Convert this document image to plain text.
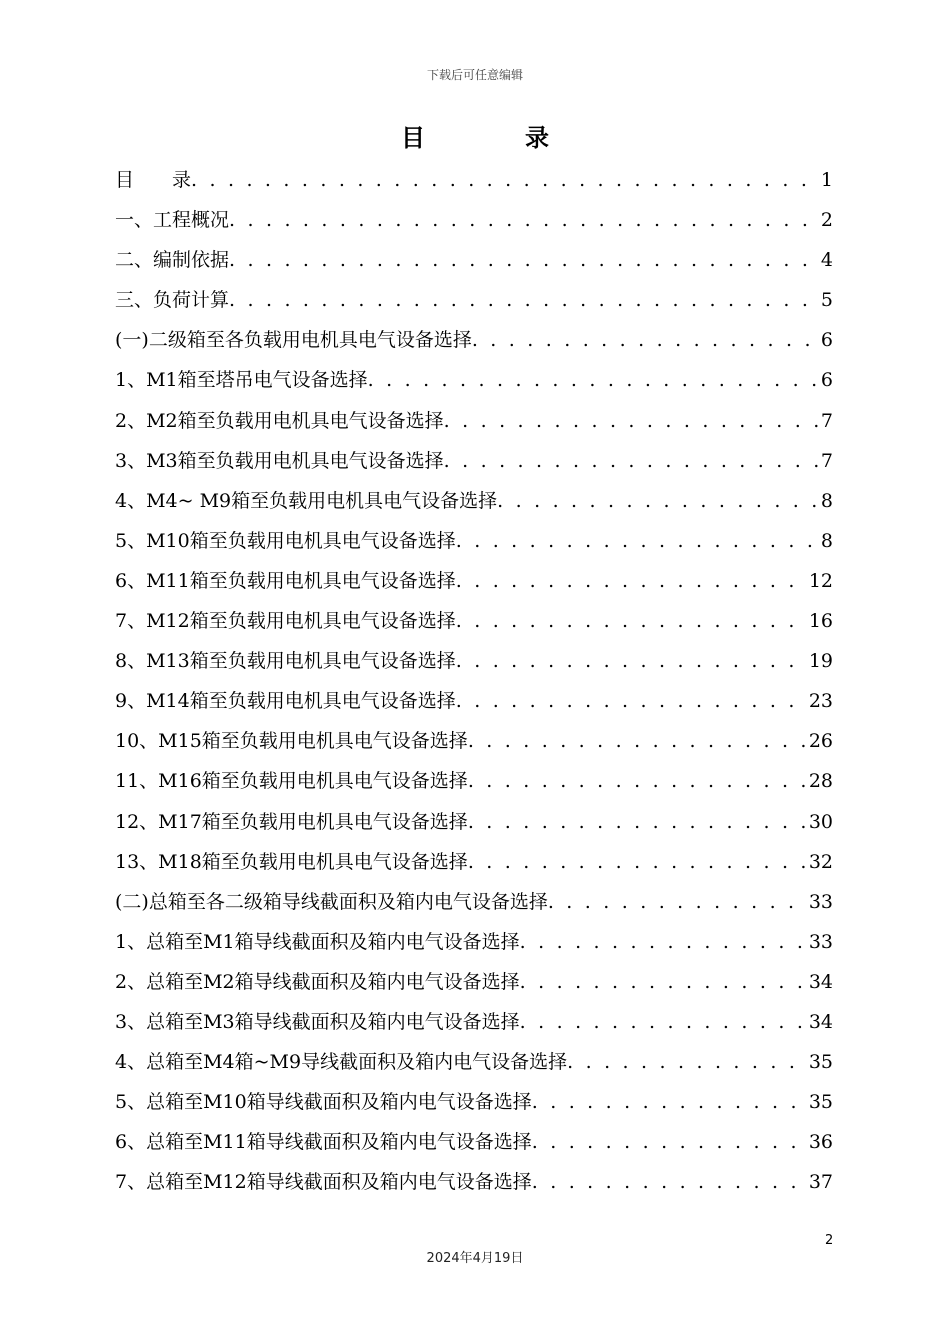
下载后可任意编辑
目　录
目　　录 . . .	1
一、工程概况 . . .	2
二、编制依据 . . .	4
三、负荷计算 . . .	5
(一)二级箱至各负载用电机具电气设备选择 . . .	6
1、M1箱至塔吊电气设备选择 . . .	6
2、M2箱至负载用电机具电气设备选择 . . .	7
3、M3箱至负载用电机具电气设备选择 . . .	7
4、M4~ M9箱至负载用电机具电气设备选择 . . .	8
5、M10箱至负载用电机具电气设备选择 . . .	8
6、M11箱至负载用电机具电气设备选择 . . .	12
7、M12箱至负载用电机具电气设备选择 . . .	16
8、M13箱至负载用电机具电气设备选择 . . .	19
9、M14箱至负载用电机具电气设备选择 . . .	23
10、M15箱至负载用电机具电气设备选择 . . .	26
11、M16箱至负载用电机具电气设备选择 . . .	28
12、M17箱至负载用电机具电气设备选择 . . .	30
13、M18箱至负载用电机具电气设备选择 . . .	32
(二)总箱至各二级箱导线截面积及箱内电气设备选择 . . .	33
1、总箱至M1箱导线截面积及箱内电气设备选择 . . .	33
2、总箱至M2箱导线截面积及箱内电气设备选择 . . .	34
3、总箱至M3箱导线截面积及箱内电气设备选择 . . .	34
4、总箱至M4箱~M9导线截面积及箱内电气设备选择 . . .	35
5、总箱至M10箱导线截面积及箱内电气设备选择 . . .	35
6、总箱至M11箱导线截面积及箱内电气设备选择 . . .	36
7、总箱至M12箱导线截面积及箱内电气设备选择 . . .	37
2
2024年4月19日
